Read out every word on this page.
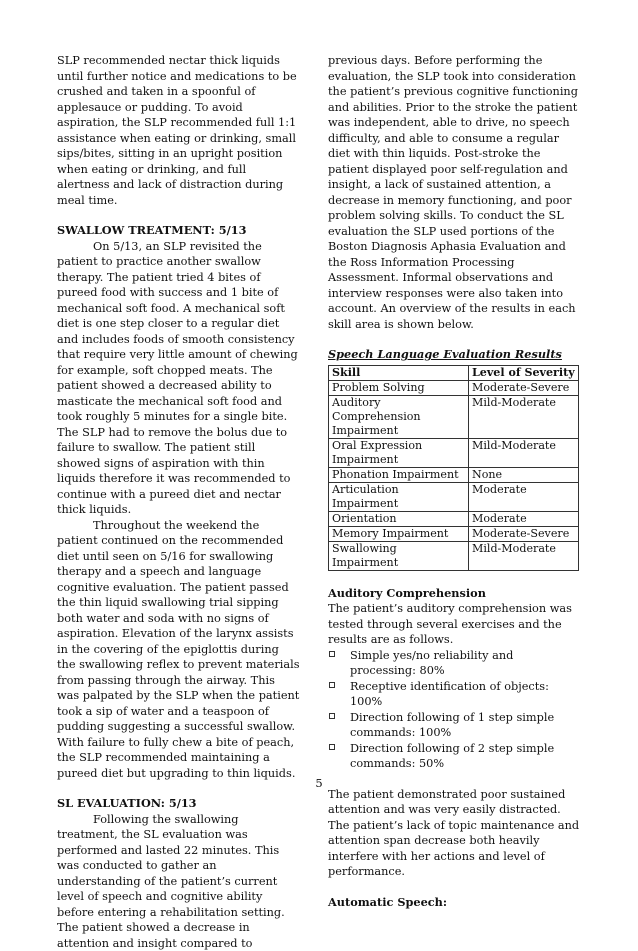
SLP recommended nectar thick liquids until further notice and medications to be crushed and taken in a spoonful of applesauce or pudding. To avoid aspiration, the SLP recommended full 1:1 assistance when eating or drinking, small sips/bites, sitting in an upright position when eating or drinking, and full alertness and lack of distraction during meal time.

SWALLOW TREATMENT: 5/13

On 5/13, an SLP revisited the patient to practice another swallow therapy. The patient tried 4 bites of pureed food with success and 1 bite of mechanical soft food. A mechanical soft diet is one step closer to a regular diet and includes foods of smooth consistency that require very little amount of chewing for example, soft chopped meats. The patient showed a decreased ability to masticate the mechanical soft food and took roughly 5 minutes for a single bite. The SLP had to remove the bolus due to failure to swallow. The patient still showed signs of aspiration with thin liquids therefore it was recommended to continue with a pureed diet and nectar thick liquids.

Throughout the weekend the patient continued on the recommended diet until seen on 5/16 for swallowing therapy and a speech and language cognitive evaluation. The patient passed the thin liquid swallowing trial sipping both water and soda with no signs of aspiration. Elevation of the larynx assists in the covering of the epiglottis during the swallowing reflex to prevent materials from passing through the airway. This was palpated by the SLP when the patient took a sip of water and a teaspoon of pudding suggesting a successful swallow. With failure to fully chew a bite of peach, the SLP recommended maintaining a pureed diet but upgrading to thin liquids.

SL EVALUATION: 5/13

Following the swallowing treatment, the SL evaluation was performed and lasted 22 minutes. This was conducted to gather an understanding of the patient’s current level of speech and cognitive ability before entering a rehabilitation setting. The patient showed a decrease in attention and insight compared to

previous days. Before performing the evaluation, the SLP took into consideration the patient’s previous cognitive functioning and abilities. Prior to the stroke the patient was independent, able to drive, no speech difficulty, and able to consume a regular diet with thin liquids. Post-stroke the patient displayed poor self-regulation and insight, a lack of sustained attention, a decrease in memory functioning, and poor problem solving skills. To conduct the SL evaluation the SLP used portions of the Boston Diagnosis Aphasia Evaluation and the Ross Information Processing Assessment. Informal observations and interview responses were also taken into account. An overview of the results in each skill area is shown below.

Speech Language Evaluation Results

Skill	Level of Severity
Problem Solving	Moderate-Severe
Auditory Comprehension Impairment	Mild-Moderate
Oral Expression Impairment	Mild-Moderate
Phonation Impairment	None
Articulation Impairment	Moderate
Orientation	Moderate
Memory Impairment	Moderate-Severe
Swallowing Impairment	Mild-Moderate

Auditory Comprehension

The patient’s auditory comprehension was tested through several exercises and the results are as follows.

Simple yes/no reliability and processing: 80%
Receptive identification of objects: 100%
Direction following of 1 step simple commands: 100%
Direction following of 2 step simple commands: 50%

The patient demonstrated poor sustained attention and was very easily distracted. The patient’s lack of topic maintenance and attention span decrease both heavily interfere with her actions and level of performance.

Automatic Speech:

5
